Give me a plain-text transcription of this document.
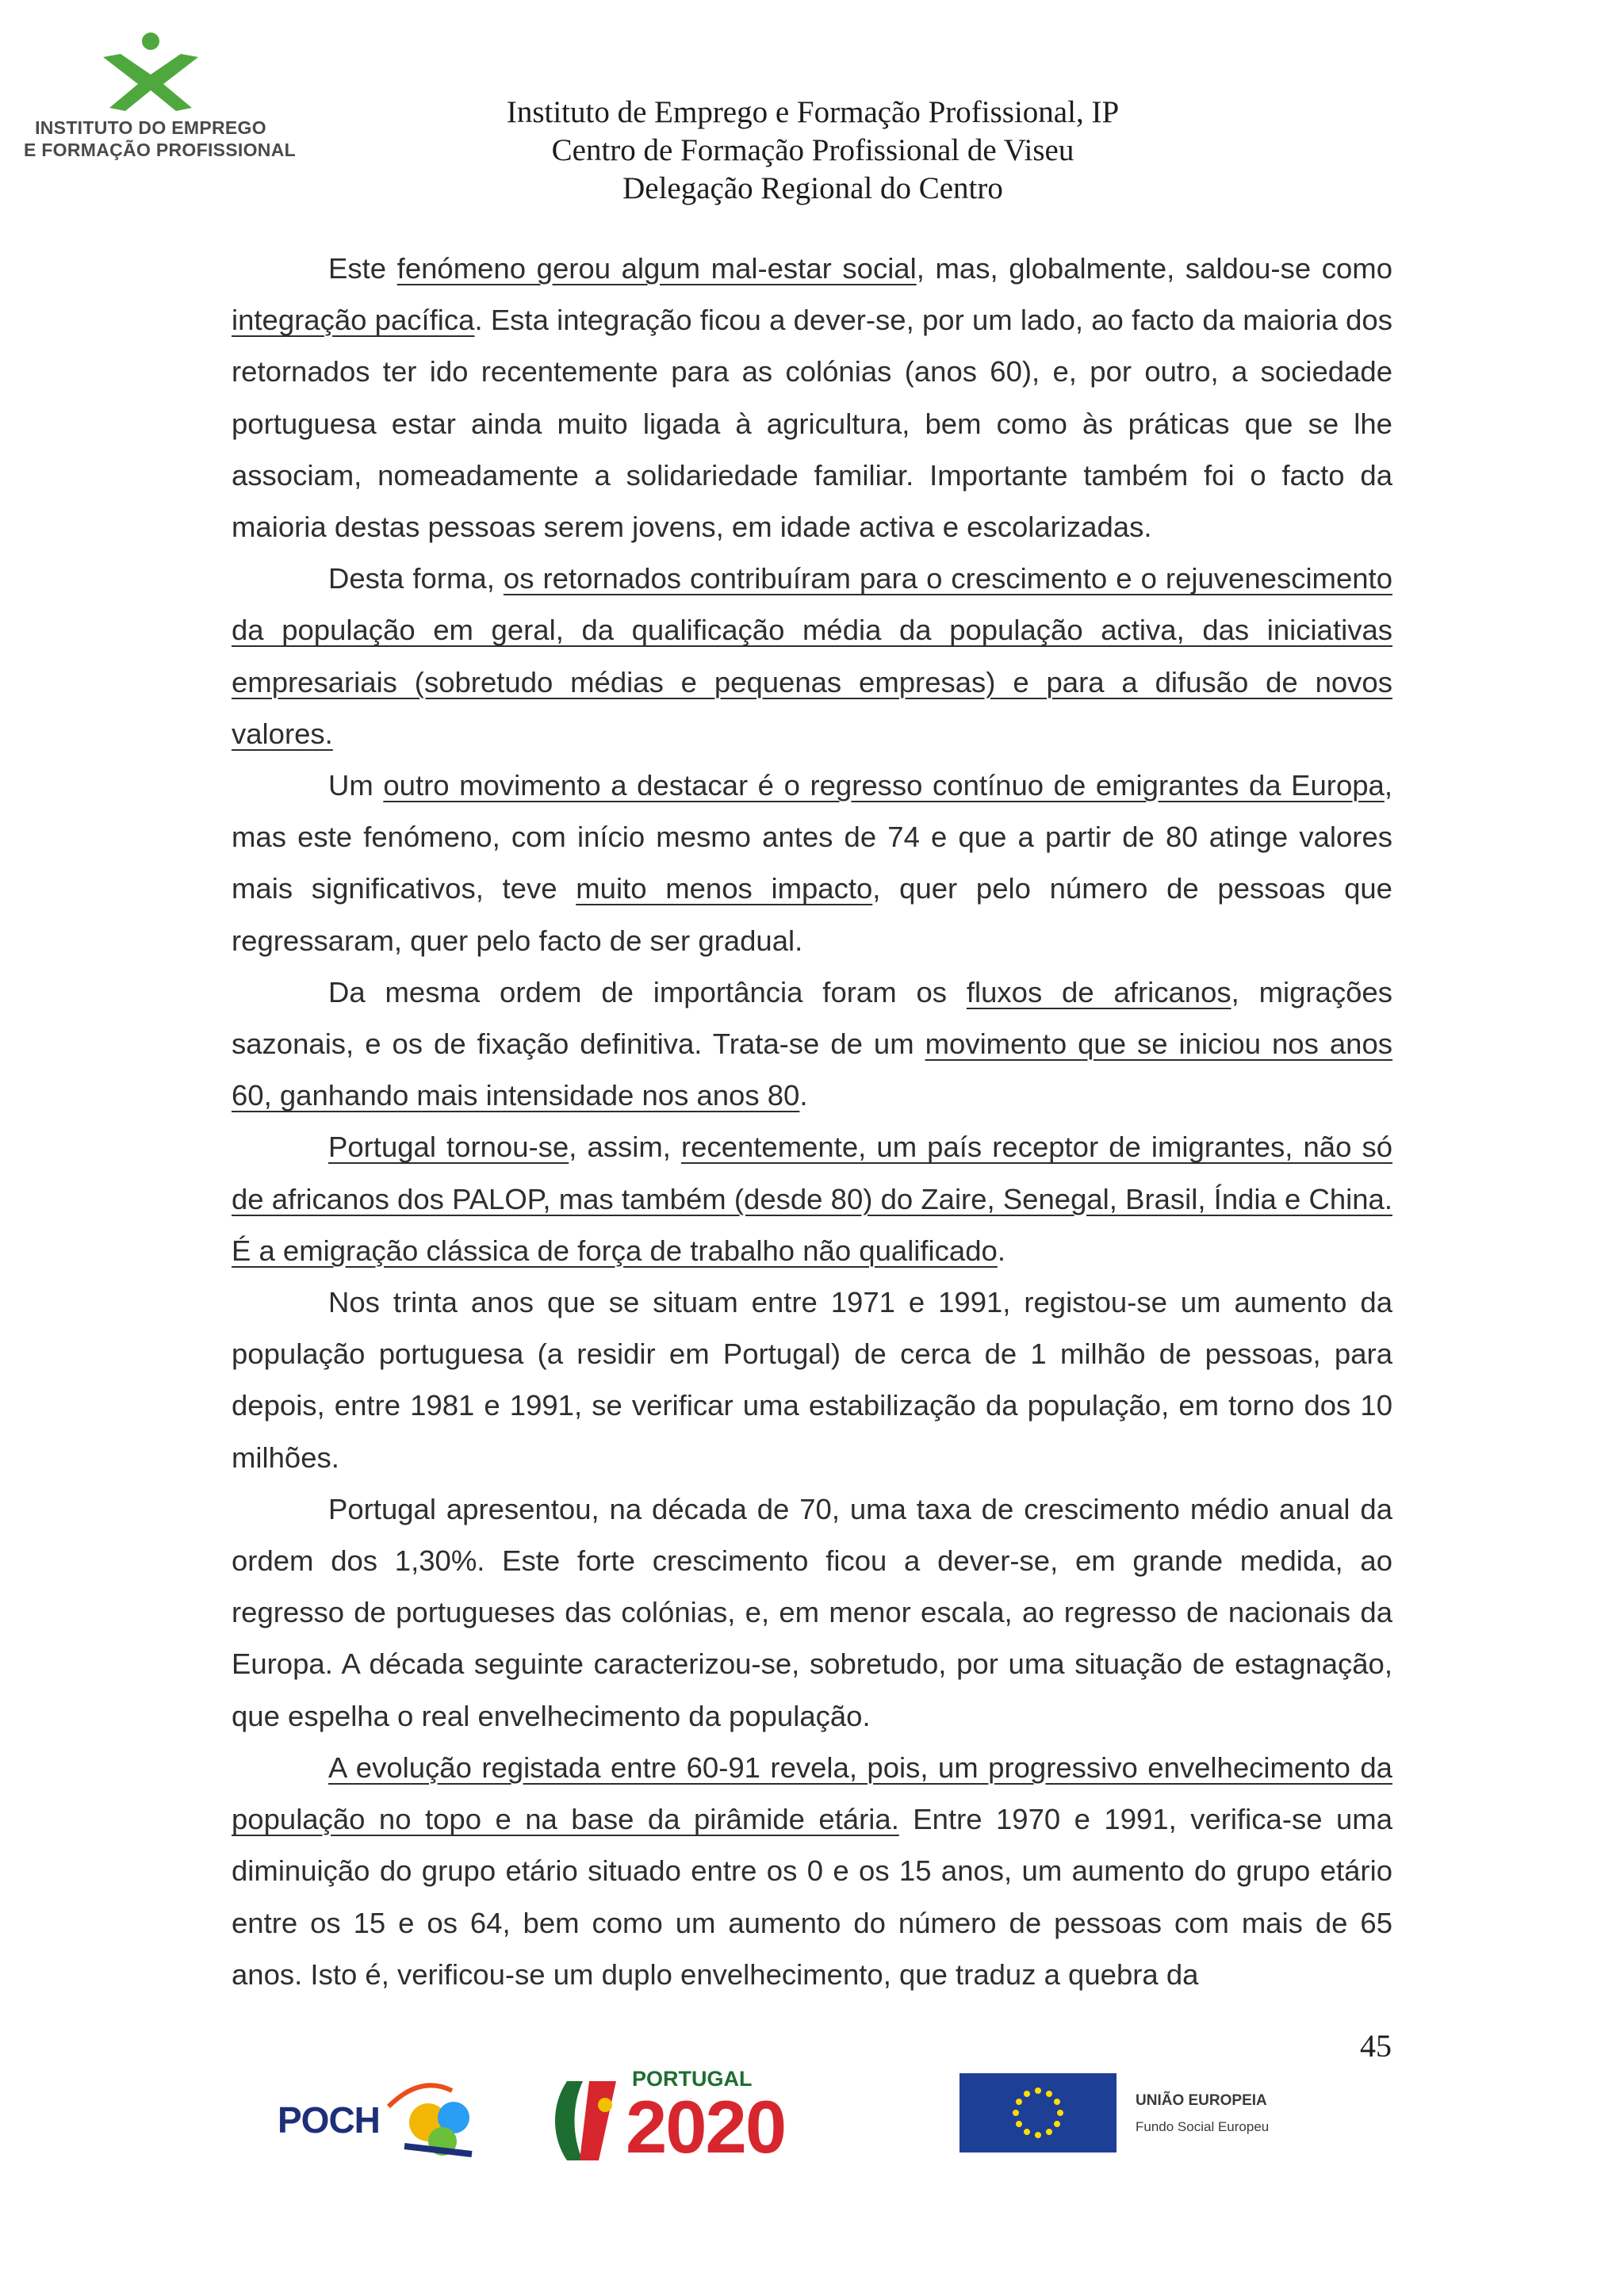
INSTITUTO DO EMPREGO
E FORMAÇÃO PROFISSIONAL
Instituto de Emprego e Formação Profissional, IP
Centro de Formação Profissional de Viseu
Delegação Regional do Centro

Este fenómeno gerou algum mal-estar social, mas, globalmente, saldou-se como integração pacífica. Esta integração ficou a dever-se, por um lado, ao facto da maioria dos retornados ter ido recentemente para as colónias (anos 60), e, por outro, a sociedade portuguesa estar ainda muito ligada à agricultura, bem como às práticas que se lhe associam, nomeadamente a solidariedade familiar. Importante também foi o facto da maioria destas pessoas serem jovens, em idade activa e escolarizadas.

Desta forma, os retornados contribuíram para o crescimento e o rejuvenescimento da população em geral, da qualificação média da população activa, das iniciativas empresariais (sobretudo médias e pequenas empresas) e para a difusão de novos valores.

Um outro movimento a destacar é o regresso contínuo de emigrantes da Europa, mas este fenómeno, com início mesmo antes de 74 e que a partir de 80 atinge valores mais significativos, teve muito menos impacto, quer pelo número de pessoas que regressaram, quer pelo facto de ser gradual.

Da mesma ordem de importância foram os fluxos de africanos, migrações sazonais, e os de fixação definitiva. Trata-se de um movimento que se iniciou nos anos 60, ganhando mais intensidade nos anos 80.

Portugal tornou-se, assim, recentemente, um país receptor de imigrantes, não só de africanos dos PALOP, mas também (desde 80) do Zaire, Senegal, Brasil, Índia e China. É a emigração clássica de força de trabalho não qualificado.

Nos trinta anos que se situam entre 1971 e 1991, registou-se um aumento da população portuguesa (a residir em Portugal) de cerca de 1 milhão de pessoas, para depois, entre 1981 e 1991, se verificar uma estabilização da população, em torno dos 10 milhões.

Portugal apresentou, na década de 70, uma taxa de crescimento médio anual da ordem dos 1,30%. Este forte crescimento ficou a dever-se, em grande medida, ao regresso de portugueses das colónias, e, em menor escala, ao regresso de nacionais da Europa. A década seguinte caracterizou-se, sobretudo, por uma situação de estagnação, que espelha o real envelhecimento da população.

A evolução registada entre 60-91 revela, pois, um progressivo envelhecimento da população no topo e na base da pirâmide etária. Entre 1970 e 1991, verifica-se uma diminuição do grupo etário situado entre os 0 e os 15 anos, um aumento do grupo etário entre os 15 e os 64, bem como um aumento do número de pessoas com mais de 65 anos. Isto é, verificou-se um duplo envelhecimento, que traduz a quebra da

45
POCH
PORTUGAL
2020	UNIÃO EUROPEIA
Fundo Social Europeu
